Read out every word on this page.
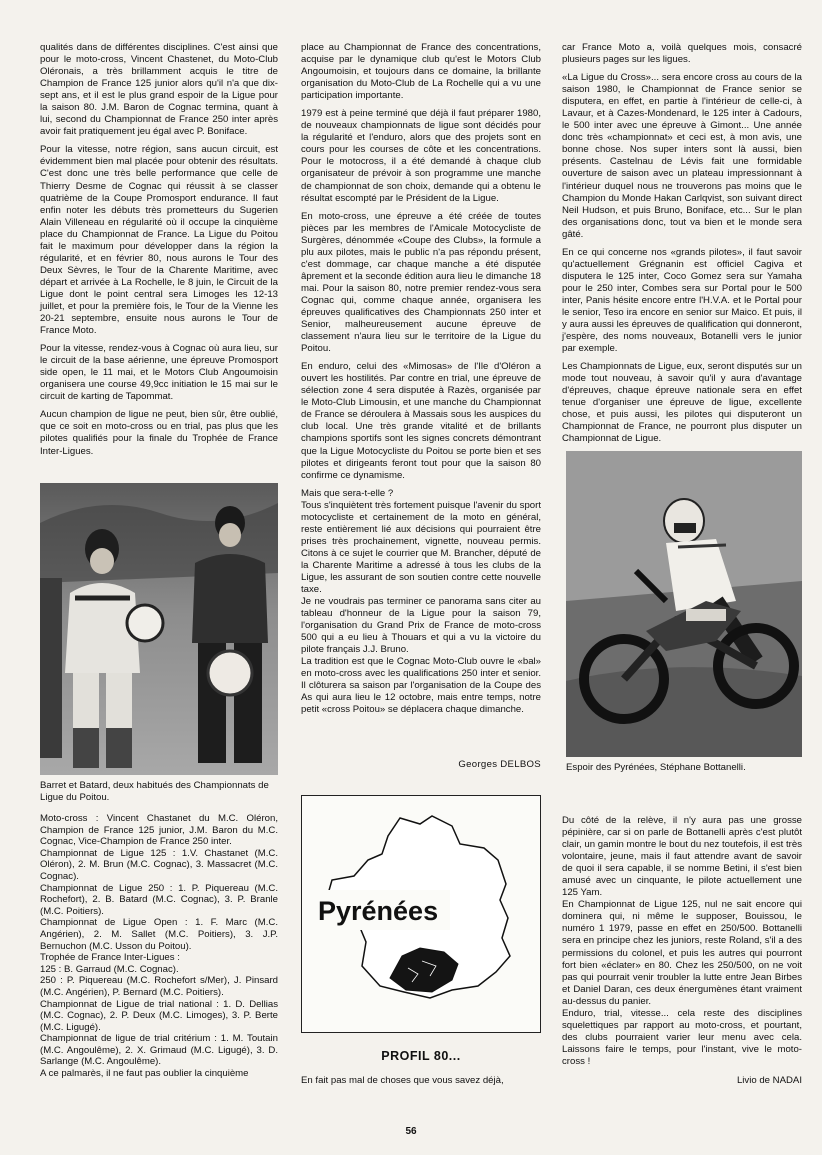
qualités dans de différentes disciplines. C'est ainsi que pour le moto-cross, Vincent Chastenet, du Moto-Club Oléronais, a très brillamment acquis le titre de Champion de France 125 junior alors qu'il n'a que dix-sept ans, et il est le plus grand espoir de la Ligue pour la saison 80. J.M. Baron de Cognac termina, quant à lui, second du Championnat de France 250 inter après avoir fait pratiquement jeu égal avec P. Boniface.

Pour la vitesse, notre région, sans aucun circuit, est évidemment bien mal placée pour obtenir des résultats. C'est donc une très belle performance que celle de Thierry Desme de Cognac qui réussit à se classer quatrième de la Coupe Promosport endurance. Il faut enfin noter les débuts très prometteurs du Sugerien Alain Villeneau en régularité où il occupe la cinquième place du Championnat de France. La Ligue du Poitou fait le maximum pour développer dans la région la régularité, et en février 80, nous aurons le Tour des Deux Sèvres, le Tour de la Charente Maritime, avec départ et arrivée à La Rochelle, le 8 juin, le Circuit de la Ligue dont le point central sera Limoges les 12-13 juillet, et pour la première fois, le Tour de la Vienne les 20-21 septembre, ensuite nous aurons le Tour de France Moto.

Pour la vitesse, rendez-vous à Cognac où aura lieu, sur le circuit de la base aérienne, une épreuve Promosport side open, le 11 mai, et le Motors Club Angoumoisin organisera une course 49,9cc initiation le 15 mai sur le circuit de karting de Tapommat.

Aucun champion de ligue ne peut, bien sûr, être oublié, que ce soit en moto-cross ou en trial, pas plus que les pilotes qualifiés pour la finale du Trophée de France Inter-Ligues.

place au Championnat de France des concentrations, acquise par le dynamique club qu'est le Motors Club Angoumoisin, et toujours dans ce domaine, la brillante organisation du Moto-Club de La Rochelle qui a vu une participation importante.

1979 est à peine terminé que déjà il faut préparer 1980, de nouveaux championnats de ligue sont décidés pour la régularité et l'enduro, alors que des projets sont en cours pour les courses de côte et les concentrations. Pour le motocross, il a été demandé à chaque club organisateur de prévoir à son programme une manche de championnat de son choix, demande qui a obtenu le résultat escompté par le Président de la Ligue.

En moto-cross, une épreuve a été créée de toutes pièces par les membres de l'Amicale Motocycliste de Surgères, dénommée «Coupe des Clubs», la formule a plu aux pilotes, mais le public n'a pas répondu présent, c'est dommage, car chaque manche a été disputée âprement et la seconde édition aura lieu le dimanche 18 mai. Pour la saison 80, notre premier rendez-vous sera Cognac qui, comme chaque année, organisera les épreuves qualificatives des Championnats 250 inter et Senior, malheureusement aucune épreuve de classement n'aura lieu sur le territoire de la Ligue du Poitou.

En enduro, celui des «Mimosas» de l'Ile d'Oléron a ouvert les hostilités. Par contre en trial, une épreuve de sélection zone 4 sera disputée à Razès, organisée par le Moto-Club Limousin, et une manche du Championnat de France se déroulera à Massais sous les auspices du club local. Une très grande vitalité et de brillants champions sportifs sont les signes concrets démontrant que la Ligue Motocycliste du Poitou se porte bien et ses pilotes et dirigeants feront tout pour que la saison 80 confirme ce dynamisme.

Mais que sera-t-elle ?

Tous s'inquiètent très fortement puisque l'avenir du sport motocycliste et certainement de la moto en général, reste entièrement lié aux décisions qui pourraient être prises très prochainement, vignette, nouveau permis. Citons à ce sujet le courrier que M. Brancher, député de la Charente Maritime a adressé à tous les clubs de la Ligue, les assurant de son soutien contre cette nouvelle taxe.

Je ne voudrais pas terminer ce panorama sans citer au tableau d'honneur de la Ligue pour la saison 79, l'organisation du Grand Prix de France de moto-cross 500 qui a eu lieu à Thouars et qui a vu la victoire du pilote français J.J. Bruno.

La tradition est que le Cognac Moto-Club ouvre le «bal» en moto-cross avec les qualifications 250 inter et senior. Il clôturera sa saison par l'organisation de la Coupe des As qui aura lieu le 12 octobre, mais entre temps, notre petit «cross Poitou» se déplacera chaque dimanche.

Georges DELBOS

car France Moto a, voilà quelques mois, consacré plusieurs pages sur les ligues.

«La Ligue du Cross»... sera encore cross au cours de la saison 1980, le Championnat de France senior se disputera, en effet, en partie à l'intérieur de celle-ci, à Lavaur, et à Cazes-Mondenard, le 125 inter à Cadours, le 500 inter avec une épreuve à Gimont... Une année donc très «championnat» et ceci est, à mon avis, une bonne chose. Nos super inters sont là aussi, bien présents. Castelnau de Lévis fait une formidable ouverture de saison avec un plateau impressionnant à l'intérieur duquel nous ne trouverons pas moins que le Champion du Monde Hakan Carlqvist, son suivant direct Neil Hudson, et puis Bruno, Boniface, etc... Sur le plan des organisations donc, tout va bien et le monde sera gâté.

En ce qui concerne nos «grands pilotes», il faut savoir qu'actuellement Grégnanin est officiel Cagiva et disputera le 125 inter, Coco Gomez sera sur Yamaha pour le 250 inter, Combes sera sur Portal pour le 500 inter, Panis hésite encore entre l'H.V.A. et le Portal pour le senior, Teso ira encore en senior sur Maico. Et puis, il y aura aussi les épreuves de qualification qui donneront, j'espère, des noms nouveaux, Botanelli vers le junior par exemple.

Les Championnats de Ligue, eux, seront disputés sur un mode tout nouveau, à savoir qu'il y aura d'avantage d'épreuves, chaque épreuve nationale sera en effet tenue d'organiser une épreuve de ligue, excellente chose, et puis aussi, les pilotes qui disputeront un Championnat de France, ne pourront plus disputer un Championnat de Ligue.

Barret et Batard, deux habitués des Championnats de Ligue du Poitou.

Moto-cross : Vincent Chastanet du M.C. Oléron, Champion de France 125 junior, J.M. Baron du M.C. Cognac, Vice-Champion de France 250 inter.

Championnat de Ligue 125 : 1.V. Chastanet (M.C. Oléron), 2. M. Brun (M.C. Cognac), 3. Massacret (M.C. Cognac).

Championnat de Ligue 250 : 1. P. Piquereau (M.C. Rochefort), 2. B. Batard (M.C. Cognac), 3. P. Branle (M.C. Poitiers).

Championnat de Ligue Open : 1. F. Marc (M.C. Angérien), 2. M. Sallet (M.C. Poitiers), 3. J.P. Bernuchon (M.C. Usson du Poitou).

Trophée de France Inter-Ligues :

125 : B. Garraud (M.C. Cognac).

250 : P. Piquereau (M.C. Rochefort s/Mer), J. Pinsard (M.C. Angérien), P. Bernard (M.C. Poitiers).

Championnat de Ligue de trial national : 1. D. Dellias (M.C. Cognac), 2. P. Deux (M.C. Limoges), 3. P. Berte (M.C. Ligugé).

Championnat de ligue de trial critérium : 1. M. Toutain (M.C. Angoulême), 2. X. Grimaud (M.C. Ligugé), 3. D. Sarlange (M.C. Angoulême).

A ce palmarès, il ne faut pas oublier la cinquième

Pyrénées
PROFIL 80...
En fait pas mal de choses que vous savez déjà,
Espoir des Pyrénées, Stéphane Bottanelli.

Du côté de la relève, il n'y aura pas une grosse pépinière, car si on parle de Bottanelli après c'est plutôt clair, un gamin montre le bout du nez toutefois, il est très volontaire, jeune, mais il faut attendre avant de savoir de quoi il sera capable, il se nomme Betini, il s'est bien amusé avec un cinquante, le pilote actuellement une 125 Yam.

En Championnat de Ligue 125, nul ne sait encore qui dominera qui, ni même le supposer, Bouissou, le numéro 1 1979, passe en effet en 250/500. Bottanelli sera en principe chez les juniors, reste Roland, s'il a des permissions du colonel, et puis les autres qui pourront fort bien «éclater» en 80. Chez les 250/500, on ne voit pas qui pourrait venir troubler la lutte entre Jean Birbes et Daniel Daran, ces deux énergumènes étant vraiment au-dessus du panier.

Enduro, trial, vitesse... cela reste des disciplines squelettiques par rapport au moto-cross, et pourtant, des clubs pourraient varier leur menu avec cela. Laissons faire le temps, pour l'instant, vive le moto-cross !

Livio de NADAI
56
